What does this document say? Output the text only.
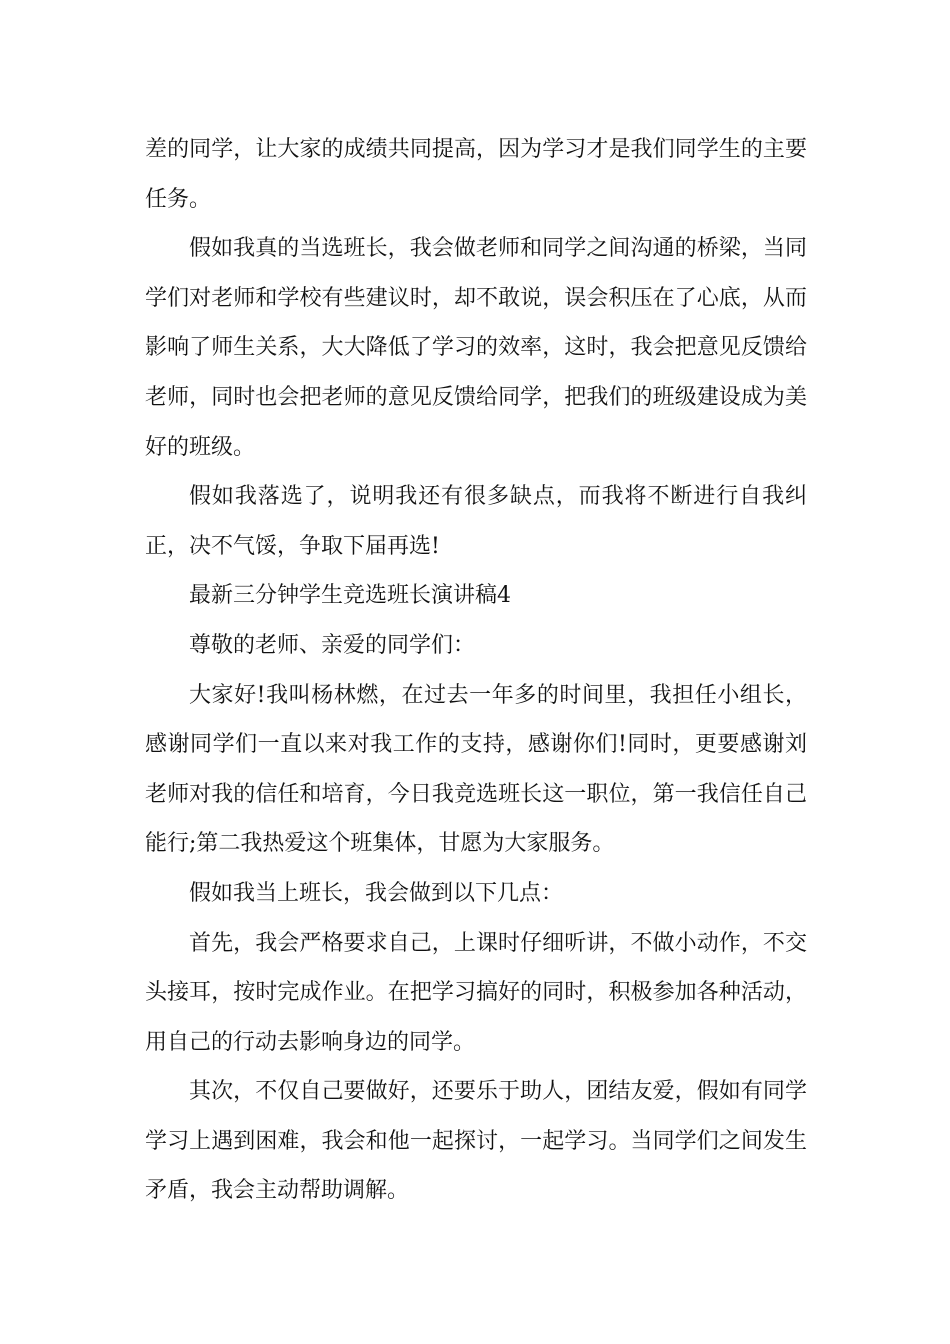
差的同学，让大家的成绩共同提高，因为学习才是我们同学生的主要任务。

假如我真的当选班长，我会做老师和同学之间沟通的桥梁，当同学们对老师和学校有些建议时，却不敢说，误会积压在了心底，从而影响了师生关系，大大降低了学习的效率，这时，我会把意见反馈给老师，同时也会把老师的意见反馈给同学，把我们的班级建设成为美好的班级。

假如我落选了，说明我还有很多缺点，而我将不断进行自我纠正，决不气馁，争取下届再选!

最新三分钟学生竞选班长演讲稿4

尊敬的老师、亲爱的同学们：

大家好!我叫杨林燃，在过去一年多的时间里，我担任小组长，感谢同学们一直以来对我工作的支持，感谢你们!同时，更要感谢刘老师对我的信任和培育，今日我竞选班长这一职位，第一我信任自己能行;第二我热爱这个班集体，甘愿为大家服务。

假如我当上班长，我会做到以下几点：

首先，我会严格要求自己，上课时仔细听讲，不做小动作，不交头接耳，按时完成作业。在把学习搞好的同时，积极参加各种活动，用自己的行动去影响身边的同学。

其次，不仅自己要做好，还要乐于助人，团结友爱，假如有同学学习上遇到困难，我会和他一起探讨，一起学习。当同学们之间发生矛盾，我会主动帮助调解。
